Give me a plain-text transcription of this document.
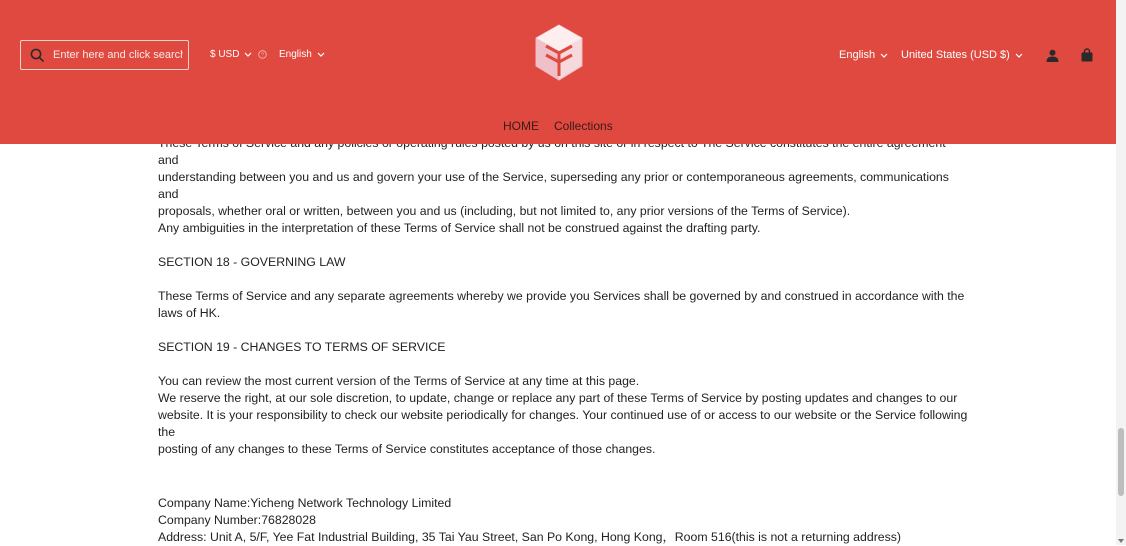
Enter here and click search
$ USD	? English
HOME Collections
English United States (USD $)

and

understanding between you and us and govern your use of the Service, superseding any prior or contemporaneous agreements, communications and

proposals, whether oral or written, between you and us (including, but not limited to, any prior versions of the Terms of Service).

Any ambiguities in the interpretation of these Terms of Service shall not be construed against the drafting party.

SECTION 18 - GOVERNING LAW

These Terms of Service and any separate agreements whereby we provide you Services shall be governed by and construed in accordance with the

laws of HK.

SECTION 19 - CHANGES TO TERMS OF SERVICE

You can review the most current version of the Terms of Service at any time at this page.

We reserve the right, at our sole discretion, to update, change or replace any part of these Terms of Service by posting updates and changes to our

website. It is your responsibility to check our website periodically for changes. Your continued use of or access to our website or the Service following the

posting of any changes to these Terms of Service constitutes acceptance of those changes.

Company Name:Yicheng Network Technology Limited

Company Number:76828028

Address: Unit A, 5/F, Yee Fat Industrial Building, 35 Tai Yau Street, San Po Kong, Hong Kong，Room 516(this is not a returning address)
